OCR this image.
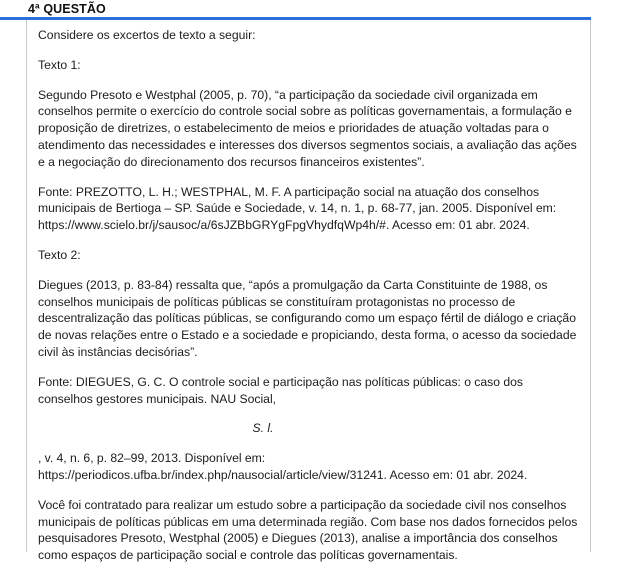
4ª QUESTÃO

Considere os excertos de texto a seguir:

Texto 1:

Segundo Presoto e Westphal (2005, p. 70), “a participação da sociedade civil organizada em conselhos permite o exercício do controle social sobre as políticas governamentais, a formulação e proposição de diretrizes, o estabelecimento de meios e prioridades de atuação voltadas para o atendimento das necessidades e interesses dos diversos segmentos sociais, a avaliação das ações e a negociação do direcionamento dos recursos financeiros existentes”.

Fonte: PREZOTTO, L. H.; WESTPHAL, M. F. A participação social na atuação dos conselhos municipais de Bertioga – SP. Saúde e Sociedade, v. 14, n. 1, p. 68-77, jan. 2005. Disponível em: https://www.scielo.br/j/sausoc/a/6sJZBbGRYgFpgVhydfqWp4h/#. Acesso em: 01 abr. 2024.

Texto 2:

Diegues (2013, p. 83-84) ressalta que, “após a promulgação da Carta Constituinte de 1988, os conselhos municipais de políticas públicas se constituíram protagonistas no processo de descentralização das políticas públicas, se configurando como um espaço fértil de diálogo e criação de novas relações entre o Estado e a sociedade e propiciando, desta forma, o acesso da sociedade civil às instâncias decisórias”.

Fonte: DIEGUES, G. C. O controle social e participação nas políticas públicas: o caso dos conselhos gestores municipais. NAU Social,

S. l.

, v. 4, n. 6, p. 82–99, 2013. Disponível em: https://periodicos.ufba.br/index.php/nausocial/article/view/31241. Acesso em: 01 abr. 2024.

Você foi contratado para realizar um estudo sobre a participação da sociedade civil nos conselhos municipais de políticas públicas em uma determinada região. Com base nos dados fornecidos pelos pesquisadores Presoto, Westphal (2005) e Diegues (2013), analise a importância dos conselhos como espaços de participação social e controle das políticas governamentais.
